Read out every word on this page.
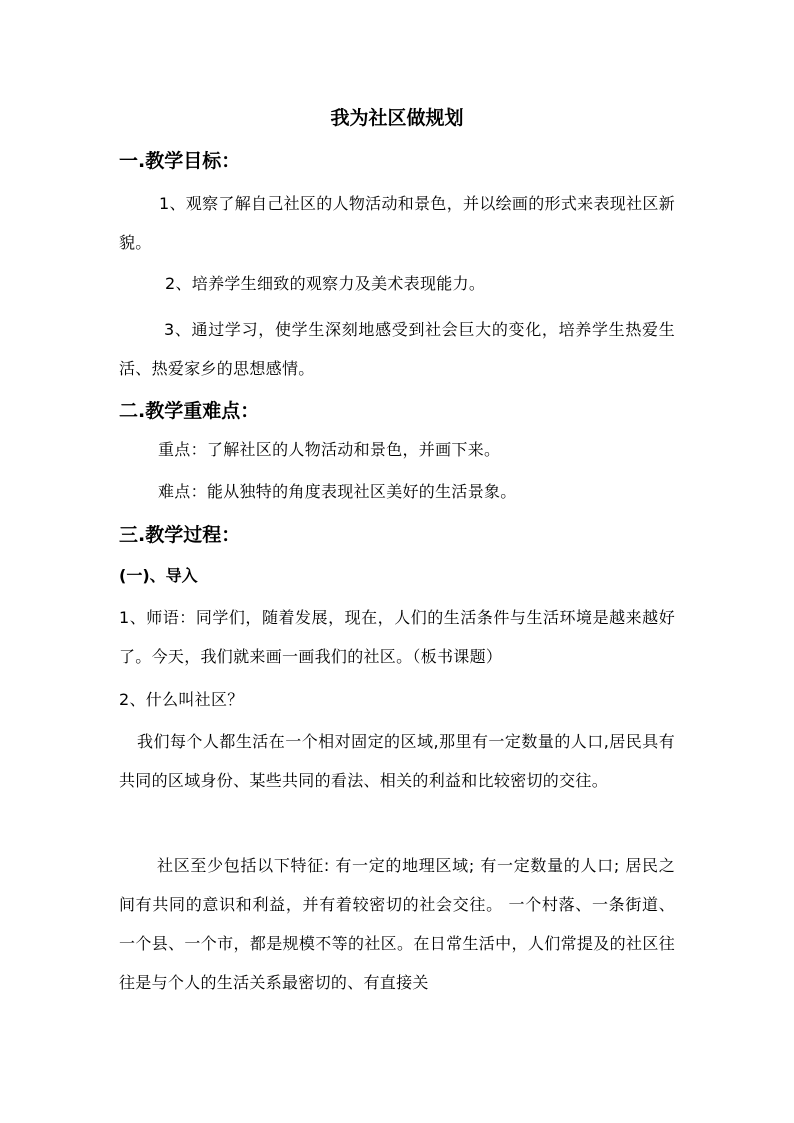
我为社区做规划
一.教学目标：
1、观察了解自己社区的人物活动和景色，并以绘画的形式来表现社区新貌。
2、培养学生细致的观察力及美术表现能力。
3、通过学习，使学生深刻地感受到社会巨大的变化，培养学生热爱生活、热爱家乡的思想感情。
二.教学重难点：
重点：了解社区的人物活动和景色，并画下来。
难点：能从独特的角度表现社区美好的生活景象。
三.教学过程：
(一)、导入
1、师语：同学们，随着发展，现在，人们的生活条件与生活环境是越来越好了。今天，我们就来画一画我们的社区。（板书课题）
2、什么叫社区？
我们每个人都生活在一个相对固定的区域,那里有一定数量的人口,居民具有共同的区域身份、某些共同的看法、相关的利益和比较密切的交往。
社区至少包括以下特征: 有一定的地理区域; 有一定数量的人口; 居民之间有共同的意识和利益，并有着较密切的社会交往。 一个村落、一条街道、一个县、一个市，都是规模不等的社区。在日常生活中，人们常提及的社区往往是与个人的生活关系最密切的、有直接关
